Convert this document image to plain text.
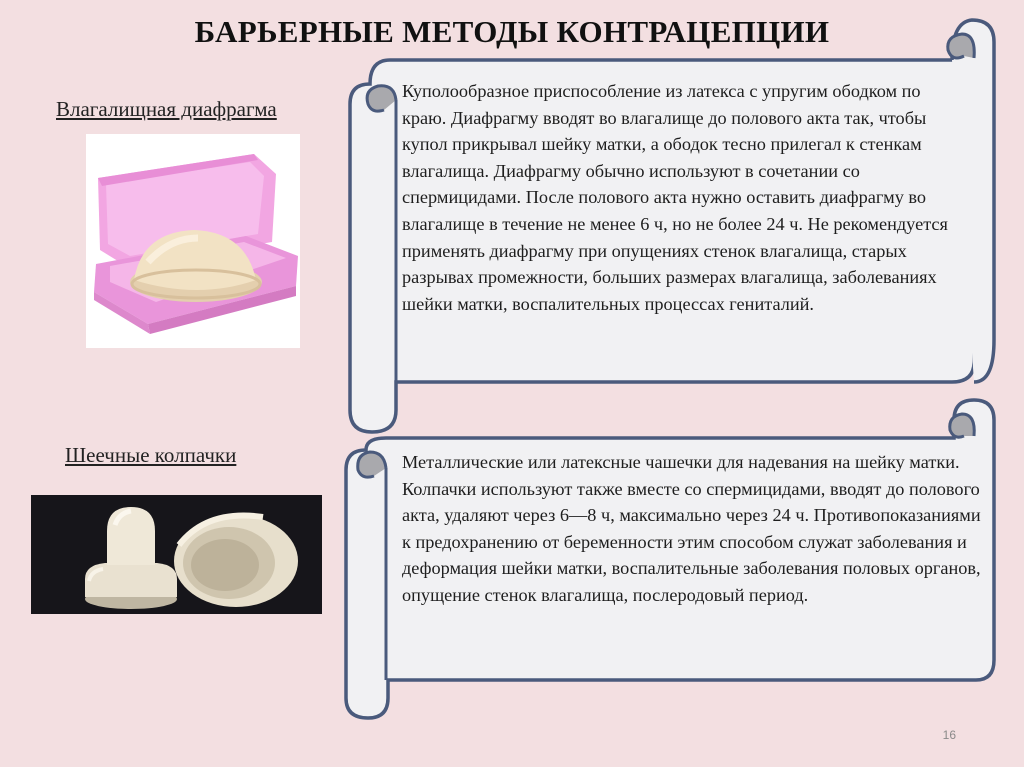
БАРЬЕРНЫЕ МЕТОДЫ КОНТРАЦЕПЦИИ
Влагалищная диафрагма
Шеечные колпачки
Куполообразное приспособление из латекса с упругим ободком по краю. Диафрагму вводят во влагалище до полового акта так, чтобы купол прикрывал шейку матки, а ободок тесно прилегал к стенкам влагалища. Диафрагму обычно используют в сочетании со спермицидами. После полового акта нужно оставить диафрагму во влагалище в течение не менее 6 ч, но не более 24 ч. Не рекомендуется применять диафрагму при опущениях стенок влагалища, старых разрывах промежности, больших размерах влагалища, заболеваниях шейки матки, воспалительных процессах гениталий.
Металлические или латексные чашечки для надевания на шейку матки. Колпачки используют также вместе со спермицидами, вводят до полового акта, удаляют через 6—8 ч, максимально через 24 ч. Противопоказаниями к предохранению от беременности этим способом служат заболевания и деформация шейки матки, воспалительные заболевания половых органов, опущение стенок влагалища, послеродовый период.
16
